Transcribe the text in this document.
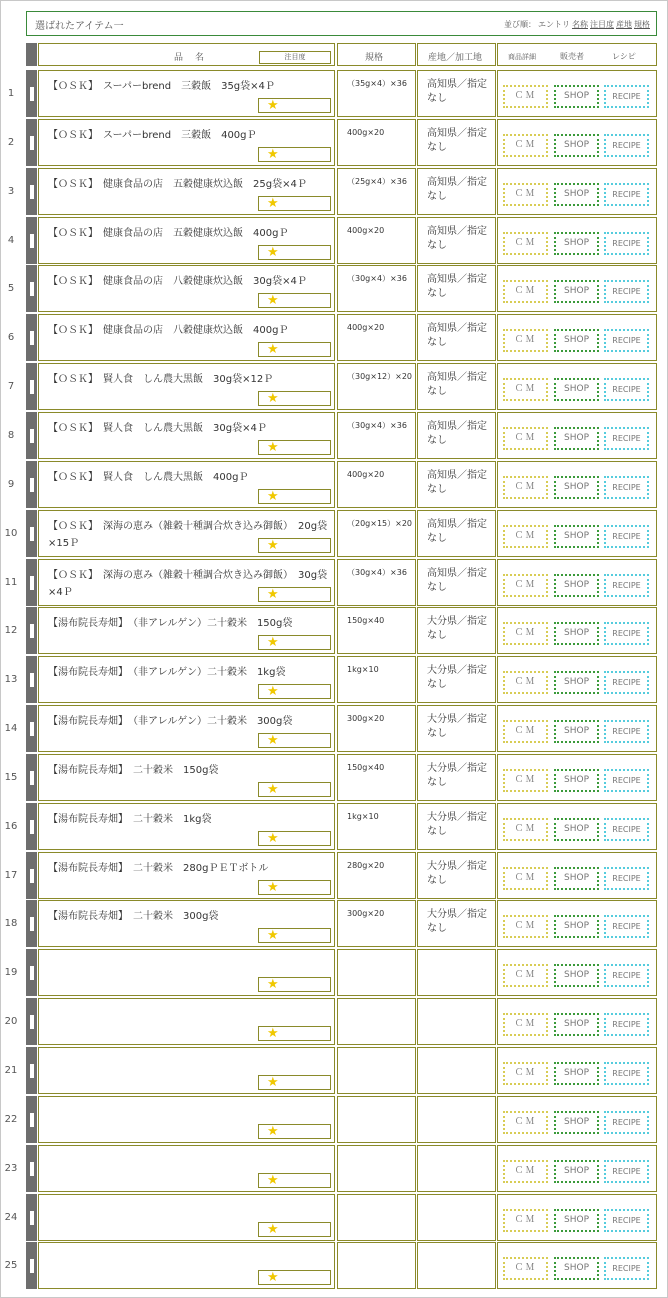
選ばれたアイテム一	並び順： エントリ 名称 注目度 産地 規格
品名	注目度	規格	産地／加工地	商品詳細	販売者	レシピ
1
【ＯＳＫ】　スーパーbrend　三穀飯　35g袋×4Ｐ
★
（35g×4）×36	高知県／指定なし	ＣＭ	SHOP	RECIPE
2
【ＯＳＫ】　スーパーbrend　三穀飯　400gＰ
★
400g×20	高知県／指定なし	ＣＭ	SHOP	RECIPE
3
【ＯＳＫ】　健康食品の店　五穀健康炊込飯　25g袋×4Ｐ
★
（25g×4）×36	高知県／指定なし	ＣＭ	SHOP	RECIPE
4
【ＯＳＫ】　健康食品の店　五穀健康炊込飯　400gＰ
★
400g×20	高知県／指定なし	ＣＭ	SHOP	RECIPE
5
【ＯＳＫ】　健康食品の店　八穀健康炊込飯　30g袋×4Ｐ
★
（30g×4）×36	高知県／指定なし	ＣＭ	SHOP	RECIPE
6
【ＯＳＫ】　健康食品の店　八穀健康炊込飯　400gＰ
★
400g×20	高知県／指定なし	ＣＭ	SHOP	RECIPE
7
【ＯＳＫ】　賢人食　しん農大黒飯　30g袋×12Ｐ
★
（30g×12）×20 高知県／指定なし	ＣＭ	SHOP	RECIPE
8
【ＯＳＫ】　賢人食　しん農大黒飯　30g袋×4Ｐ
★
（30g×4）×36	高知県／指定なし	ＣＭ	SHOP	RECIPE
9
【ＯＳＫ】　賢人食　しん農大黒飯　400gＰ
★
400g×20	高知県／指定なし	ＣＭ	SHOP	RECIPE
10
【ＯＳＫ】　深海の恵み（雑穀十種調合炊き込み御飯）　20g袋×15Ｐ	★
（20g×15）×20 高知県／指定なし	ＣＭ	SHOP	RECIPE
11
【ＯＳＫ】　深海の恵み（雑穀十種調合炊き込み御飯）　30g袋×4Ｐ	★
（30g×4）×36	高知県／指定なし	ＣＭ	SHOP	RECIPE
12
【湯布院長寿畑】　（非アレルゲン）二十穀米　150g袋
★
150g×40	大分県／指定なし	ＣＭ	SHOP	RECIPE
13
【湯布院長寿畑】　（非アレルゲン）二十穀米　1kg袋
★
1kg×10	大分県／指定なし	ＣＭ	SHOP	RECIPE
14
【湯布院長寿畑】　（非アレルゲン）二十穀米　300g袋
★
300g×20	大分県／指定なし	ＣＭ	SHOP	RECIPE
15
【湯布院長寿畑】　二十穀米　150g袋
★
150g×40	大分県／指定なし	ＣＭ	SHOP	RECIPE
16
【湯布院長寿畑】　二十穀米　1kg袋
★
1kg×10	大分県／指定なし	ＣＭ	SHOP	RECIPE
17
【湯布院長寿畑】　二十穀米　280gＰＥＴボトル
★
280g×20	大分県／指定なし	ＣＭ	SHOP	RECIPE
18
【湯布院長寿畑】　二十穀米　300g袋
★
300g×20	大分県／指定なし	ＣＭ	SHOP	RECIPE
19
★
ＣＭ	SHOP	RECIPE
20
★
ＣＭ	SHOP	RECIPE
21
★
ＣＭ	SHOP	RECIPE
22
★
ＣＭ	SHOP	RECIPE
23
★
ＣＭ	SHOP	RECIPE
24
★
ＣＭ	SHOP	RECIPE
25
★
ＣＭ	SHOP	RECIPE
